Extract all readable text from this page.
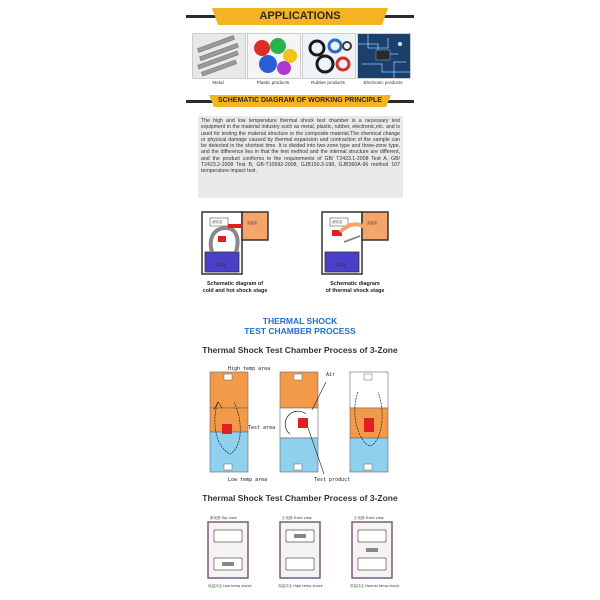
APPLICATIONS
Metal	Plastic products	Rubber products	Electronic products
SCHEMATIC DIAGRAM OF WORKING PRINCIPLE
The high and low temperature thermal shock test chamber is a necessary test equipment in the material industry such as metal, plastic, rubber, electronic,etc. and is used for testing the material structure or the composite material.The chemical change or physical damage caused by thermal expansion and contraction of the sample can be detected in the shortest time. It is divided into two-zone type and three-zone type, and the difference lies in that the test method and the internal structure are different, and the product conforms to the requirements of GB/ T2423.1-2008 Test A, GB/ T2423.2-2008 Test B, GB-T10592-2008, GJB150.3-198, GJB360A-96 method 107 temperature impact test.
测试室	高温室
低温室
Schematic diagram of
cold and hot shock stage
测试室	高温室
低温室
Schematic diagram
of thermal shock stage
THERMAL SHOCK
TEST CHAMBER PROCESS
Thermal Shock Test Chamber Process of 3-Zone
High temp area
Test area
Low temp area	Test product
Air
Thermal Shock Test Chamber Process of 3-Zone
俯视图 Top view	正视图 Front view	正视图 Front view
低温冲击 Low temp shock	高温冲击 High temp shock	常温冲击 Normal temp shock
